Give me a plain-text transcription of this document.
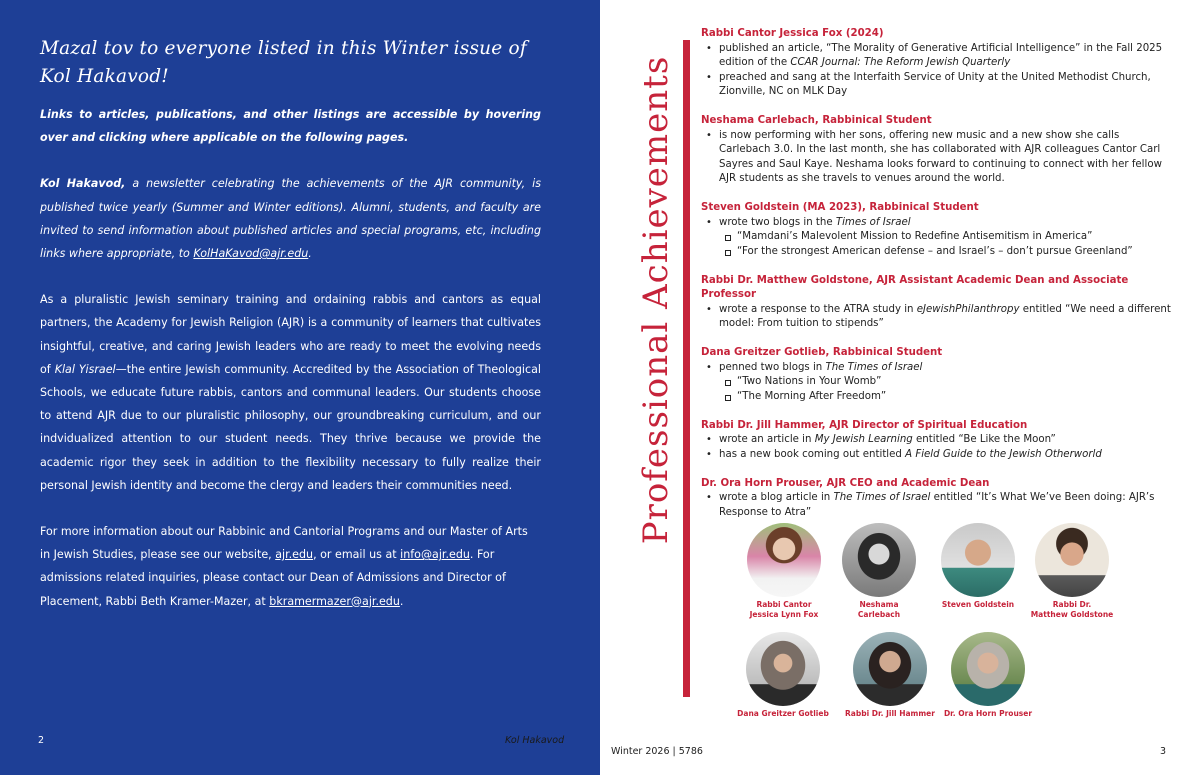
Mazal tov to everyone listed in this Winter issue of Kol Hakavod!

Links to articles, publications, and other listings are accessible by hovering over and clicking where applicable on the following pages.

Kol Hakavod, a newsletter celebrating the achievements of the AJR community, is published twice yearly (Summer and Winter editions). Alumni, students, and faculty are invited to send information about published articles and special programs, etc, including links where appropriate, to KolHaKavod@ajr.edu.

As a pluralistic Jewish seminary training and ordaining rabbis and cantors as equal partners, the Academy for Jewish Religion (AJR) is a community of learners that cultivates insightful, creative, and caring Jewish leaders who are ready to meet the evolving needs of Klal Yisrael—the entire Jewish community. Accredited by the Association of Theological Schools, we educate future rabbis, cantors and communal leaders. Our students choose to attend AJR due to our pluralistic philosophy, our groundbreaking curriculum, and our indvidualized attention to our student needs. They thrive because we provide the academic rigor they seek in addition to the flexibility necessary to fully realize their personal Jewish identity and become the clergy and leaders their communities need.

For more information about our Rabbinic and Cantorial Programs and our Master of Arts in Jewish Studies, please see our website, ajr.edu, or email us at info@ajr.edu. For admissions related inquiries, please contact our Dean of Admissions and Director of Placement, Rabbi Beth Kramer-Mazer, at bkramermazer@ajr.edu.

2	Kol Hakavod
Professional Achievements
Rabbi Cantor Jessica Fox (2024)
• published an article, “The Morality of Generative Artificial Intelligence” in the Fall 2025 edition of the CCAR Journal: The Reform Jewish Quarterly
• preached and sang at the Interfaith Service of Unity at the United Methodist Church, Zionville, NC on MLK Day
Neshama Carlebach, Rabbinical Student
• is now performing with her sons, offering new music and a new show she calls Carlebach 3.0. In the last month, she has collaborated with AJR colleagues Cantor Carl Sayres and Saul Kaye. Neshama looks forward to continuing to connect with her fellow AJR students as she travels to venues around the world.
Steven Goldstein (MA 2023), Rabbinical Student
• wrote two blogs in the Times of Israel
“Mamdani’s Malevolent Mission to Redefine Antisemitism in America”
“For the strongest American defense – and Israel’s – don’t pursue Greenland”
Rabbi Dr. Matthew Goldstone, AJR Assistant Academic Dean and Associate Professor
• wrote a response to the ATRA study in eJewishPhilanthropy entitled “We need a different model: From tuition to stipends”
Dana Greitzer Gotlieb, Rabbinical Student
• penned two blogs in The Times of Israel
“Two Nations in Your Womb”
“The Morning After Freedom”
Rabbi Dr. Jill Hammer, AJR Director of Spiritual Education
• wrote an article in My Jewish Learning entitled “Be Like the Moon”
• has a new book coming out entitled A Field Guide to the Jewish Otherworld
Dr. Ora Horn Prouser, AJR CEO and Academic Dean
• wrote a blog article in The Times of Israel entitled “It’s What We’ve Been doing: AJR’s Response to Atra”
Rabbi Cantor
Jessica Lynn Fox
Neshama
Carlebach
Steven Goldstein	Rabbi Dr.
Matthew Goldstone
Dana Greitzer Gotlieb	Rabbi Dr. Jill Hammer	Dr. Ora Horn Prouser
Winter 2026 | 5786	3
